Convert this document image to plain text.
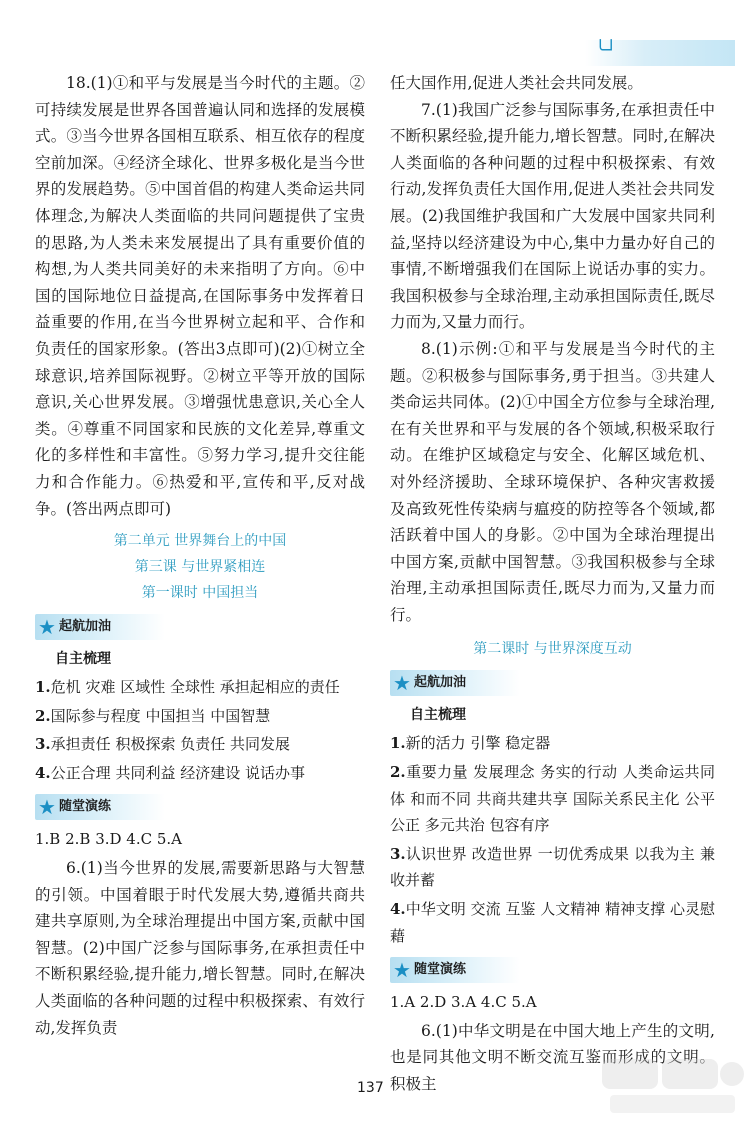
╰┘

18.(1)①和平与发展是当今时代的主题。②可持续发展是世界各国普遍认同和选择的发展模式。③当今世界各国相互联系、相互依存的程度空前加深。④经济全球化、世界多极化是当今世界的发展趋势。⑤中国首倡的构建人类命运共同体理念,为解决人类面临的共同问题提供了宝贵的思路,为人类未来发展提出了具有重要价值的构想,为人类共同美好的未来指明了方向。⑥中国的国际地位日益提高,在国际事务中发挥着日益重要的作用,在当今世界树立起和平、合作和负责任的国家形象。(答出3点即可)(2)①树立全球意识,培养国际视野。②树立平等开放的国际意识,关心世界发展。③增强忧患意识,关心全人类。④尊重不同国家和民族的文化差异,尊重文化的多样性和丰富性。⑤努力学习,提升交往能力和合作能力。⑥热爱和平,宣传和平,反对战争。(答出两点即可)

第二单元 世界舞台上的中国

第三课 与世界紧相连

第一课时 中国担当

★ 起航加油

自主梳理

1.危机 灾难 区域性 全球性 承担起相应的责任

2.国际参与程度 中国担当 中国智慧

3.承担责任 积极探索 负责任 共同发展

4.公正合理 共同利益 经济建设 说话办事

★ 随堂演练

1.B 2.B 3.D 4.C 5.A

6.(1)当今世界的发展,需要新思路与大智慧的引领。中国着眼于时代发展大势,遵循共商共建共享原则,为全球治理提出中国方案,贡献中国智慧。(2)中国广泛参与国际事务,在承担责任中不断积累经验,提升能力,增长智慧。同时,在解决人类面临的各种问题的过程中积极探索、有效行动,发挥负责

任大国作用,促进人类社会共同发展。

7.(1)我国广泛参与国际事务,在承担责任中不断积累经验,提升能力,增长智慧。同时,在解决人类面临的各种问题的过程中积极探索、有效行动,发挥负责任大国作用,促进人类社会共同发展。(2)我国维护我国和广大发展中国家共同利益,坚持以经济建设为中心,集中力量办好自己的事情,不断增强我们在国际上说话办事的实力。我国积极参与全球治理,主动承担国际责任,既尽力而为,又量力而行。

8.(1)示例:①和平与发展是当今时代的主题。②积极参与国际事务,勇于担当。③共建人类命运共同体。(2)①中国全方位参与全球治理,在有关世界和平与发展的各个领域,积极采取行动。在维护区域稳定与安全、化解区域危机、对外经济援助、全球环境保护、各种灾害救援及高致死性传染病与瘟疫的防控等各个领域,都活跃着中国人的身影。②中国为全球治理提出中国方案,贡献中国智慧。③我国积极参与全球治理,主动承担国际责任,既尽力而为,又量力而行。

第二课时 与世界深度互动

★ 起航加油

自主梳理

1.新的活力 引擎 稳定器

2.重要力量 发展理念 务实的行动 人类命运共同体 和而不同 共商共建共享 国际关系民主化 公平公正 多元共治 包容有序

3.认识世界 改造世界 一切优秀成果 以我为主 兼收并蓄

4.中华文明 交流 互鉴 人文精神 精神支撑 心灵慰藉

★ 随堂演练

1.A 2.D 3.A 4.C 5.A

6.(1)中华文明是在中国大地上产生的文明,也是同其他文明不断交流互鉴而形成的文明。积极主

137
